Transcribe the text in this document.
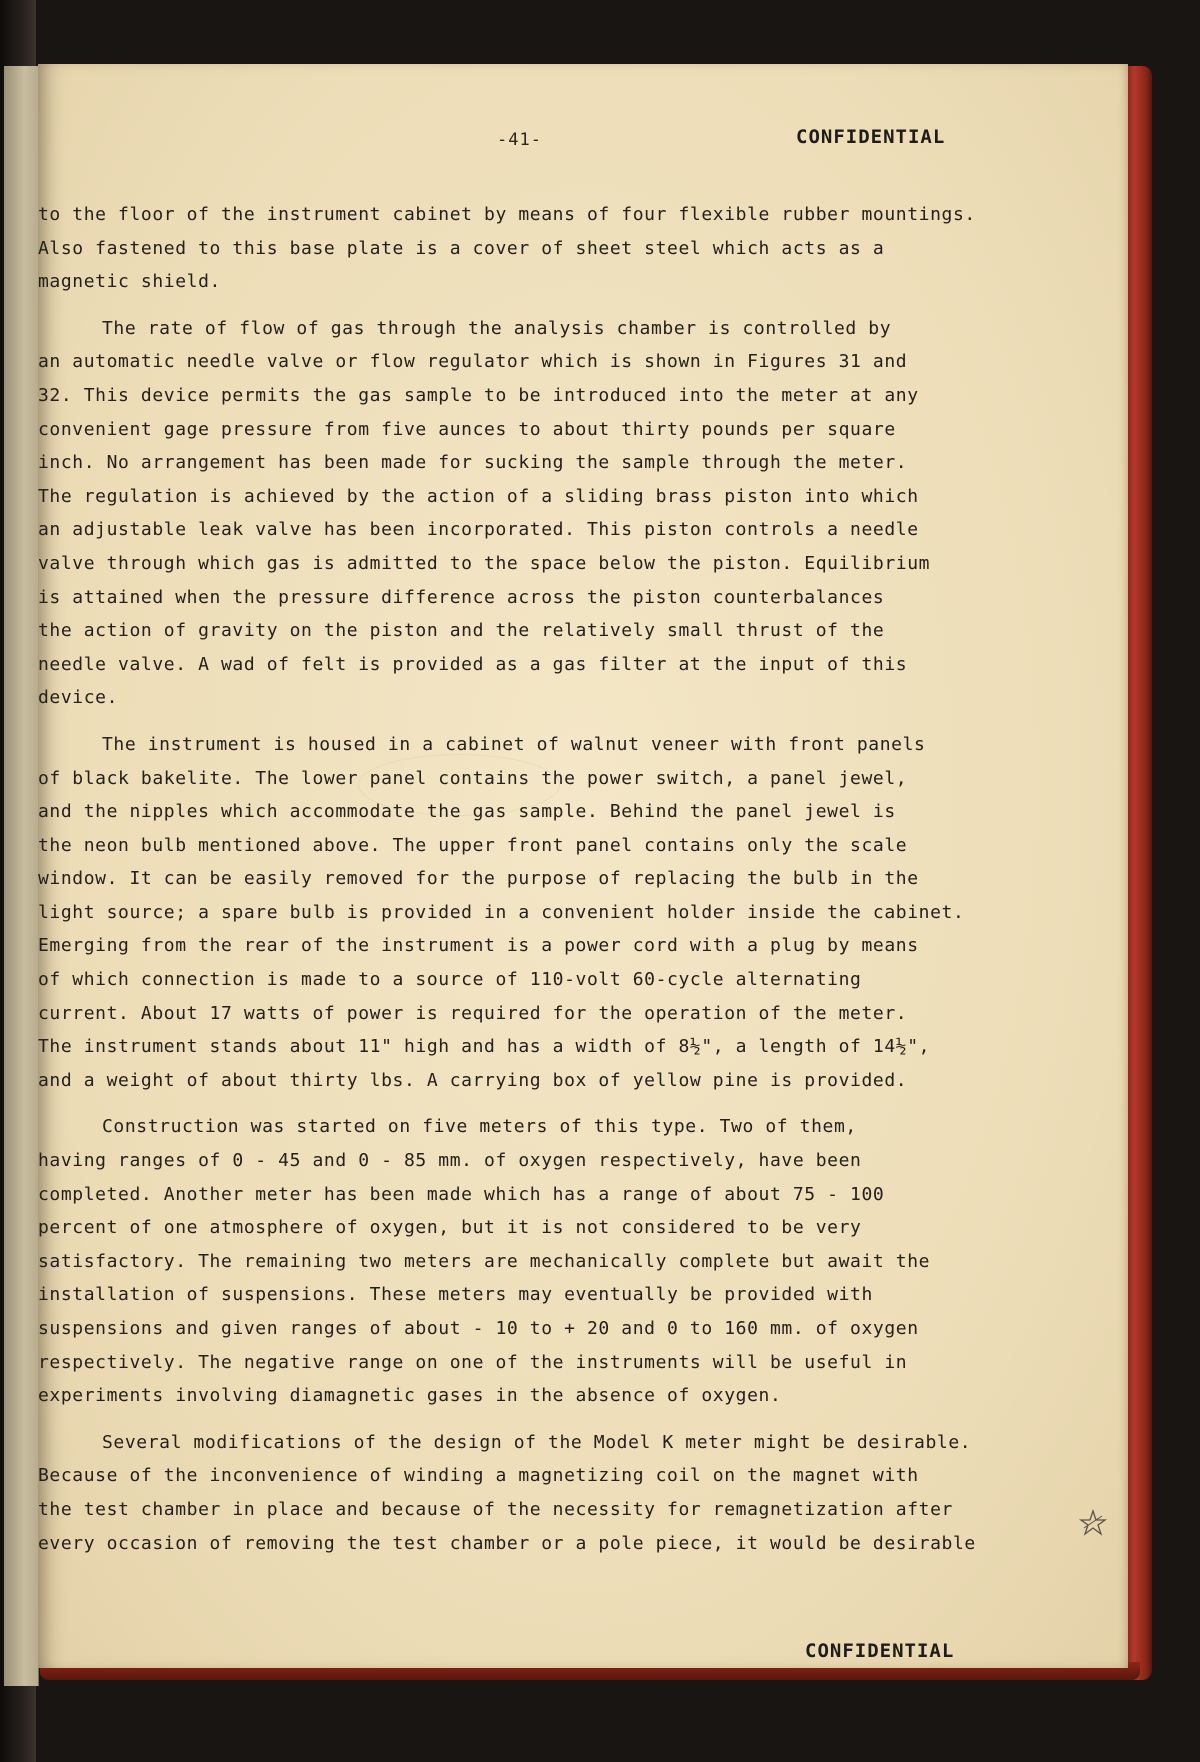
-41-	CONFIDENTIAL
to the floor of the instrument cabinet by means of four flexible rubber mountings.
Also fastened to this base plate is a cover of sheet steel which acts as a
magnetic shield.
The rate of flow of gas through the analysis chamber is controlled by
an automatic needle valve or flow regulator which is shown in Figures 31 and
32. This device permits the gas sample to be introduced into the meter at any
convenient gage pressure from five aunces to about thirty pounds per square
inch. No arrangement has been made for sucking the sample through the meter.
The regulation is achieved by the action of a sliding brass piston into which
an adjustable leak valve has been incorporated. This piston controls a needle
valve through which gas is admitted to the space below the piston. Equilibrium
is attained when the pressure difference across the piston counterbalances
the action of gravity on the piston and the relatively small thrust of the
needle valve. A wad of felt is provided as a gas filter at the input of this
device.
The instrument is housed in a cabinet of walnut veneer with front panels
of black bakelite. The lower panel contains the power switch, a panel jewel,
and the nipples which accommodate the gas sample. Behind the panel jewel is
the neon bulb mentioned above. The upper front panel contains only the scale
window. It can be easily removed for the purpose of replacing the bulb in the
light source; a spare bulb is provided in a convenient holder inside the cabinet.
Emerging from the rear of the instrument is a power cord with a plug by means
of which connection is made to a source of 110-volt 60-cycle alternating
current. About 17 watts of power is required for the operation of the meter.
The instrument stands about 11" high and has a width of 8½", a length of 14½",
and a weight of about thirty lbs. A carrying box of yellow pine is provided.
Construction was started on five meters of this type. Two of them,
having ranges of 0 - 45 and 0 - 85 mm. of oxygen respectively, have been
completed. Another meter has been made which has a range of about 75 - 100
percent of one atmosphere of oxygen, but it is not considered to be very
satisfactory. The remaining two meters are mechanically complete but await the
installation of suspensions. These meters may eventually be provided with
suspensions and given ranges of about - 10 to + 20 and 0 to 160 mm. of oxygen
respectively. The negative range on one of the instruments will be useful in
experiments involving diamagnetic gases in the absence of oxygen.
Several modifications of the design of the Model K meter might be desirable.
Because of the inconvenience of winding a magnetizing coil on the magnet with
the test chamber in place and because of the necessity for remagnetization after
every occasion of removing the test chamber or a pole piece, it would be desirable
CONFIDENTIAL
